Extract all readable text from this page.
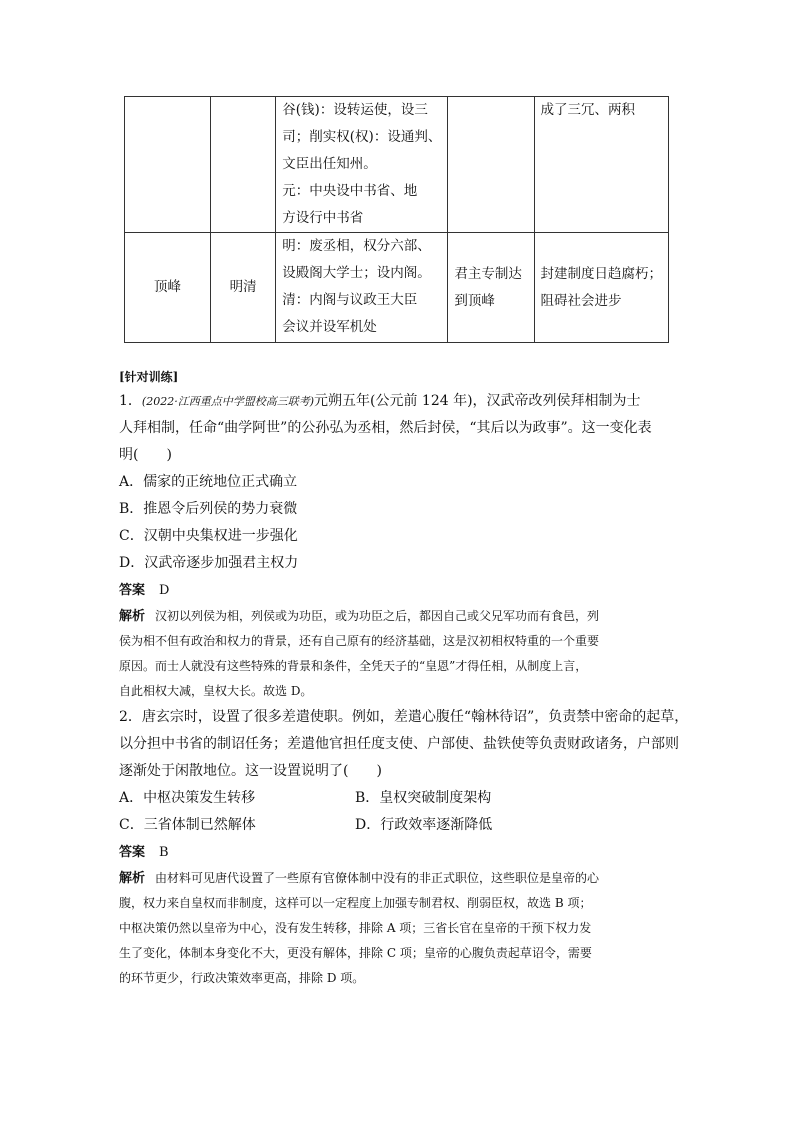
		谷(钱)：设转运使，设三
司；削实权(权)：设通判、
文臣出任知州。
元：中央设中书省、地
方设行中书省		成了三冗、两积

顶峰	明清	明：废丞相，权分六部、
设殿阁大学士；设内阁。
清：内阁与议政王大臣
会议并设军机处	君主专制达
到顶峰	封建制度日趋腐朽；
阻碍社会进步
[针对训练]
1．(2022·江西重点中学盟校高三联考)元朔五年(公元前 124 年)，汉武帝改列侯拜相制为士
人拜相制，任命“曲学阿世”的公孙弘为丞相，然后封侯，“其后以为政事”。这一变化表
明(　　)
A．儒家的正统地位正式确立
B．推恩令后列侯的势力衰微
C．汉朝中央集权进一步强化
D．汉武帝逐步加强君主权力
答案 D
解析 汉初以列侯为相，列侯或为功臣，或为功臣之后，都因自己或父兄军功而有食邑，列
侯为相不但有政治和权力的背景，还有自己原有的经济基础，这是汉初相权特重的一个重要
原因。而士人就没有这些特殊的背景和条件，全凭天子的“皇恩”才得任相，从制度上言，
自此相权大减，皇权大长。故选 D。
2．唐玄宗时，设置了很多差遣使职。例如，差遣心腹任“翰林待诏”，负责禁中密命的起草，
以分担中书省的制诏任务；差遣他官担任度支使、户部使、盐铁使等负责财政诸务，户部则
逐渐处于闲散地位。这一设置说明了(　　)
A．中枢决策发生转移	B．皇权突破制度架构
C．三省体制已然解体	D．行政效率逐渐降低
答案 B
解析 由材料可见唐代设置了一些原有官僚体制中没有的非正式职位，这些职位是皇帝的心
腹，权力来自皇权而非制度，这样可以一定程度上加强专制君权、削弱臣权，故选 B 项；
中枢决策仍然以皇帝为中心，没有发生转移，排除 A 项；三省长官在皇帝的干预下权力发
生了变化，体制本身变化不大，更没有解体，排除 C 项；皇帝的心腹负责起草诏令，需要
的环节更少，行政决策效率更高，排除 D 项。
